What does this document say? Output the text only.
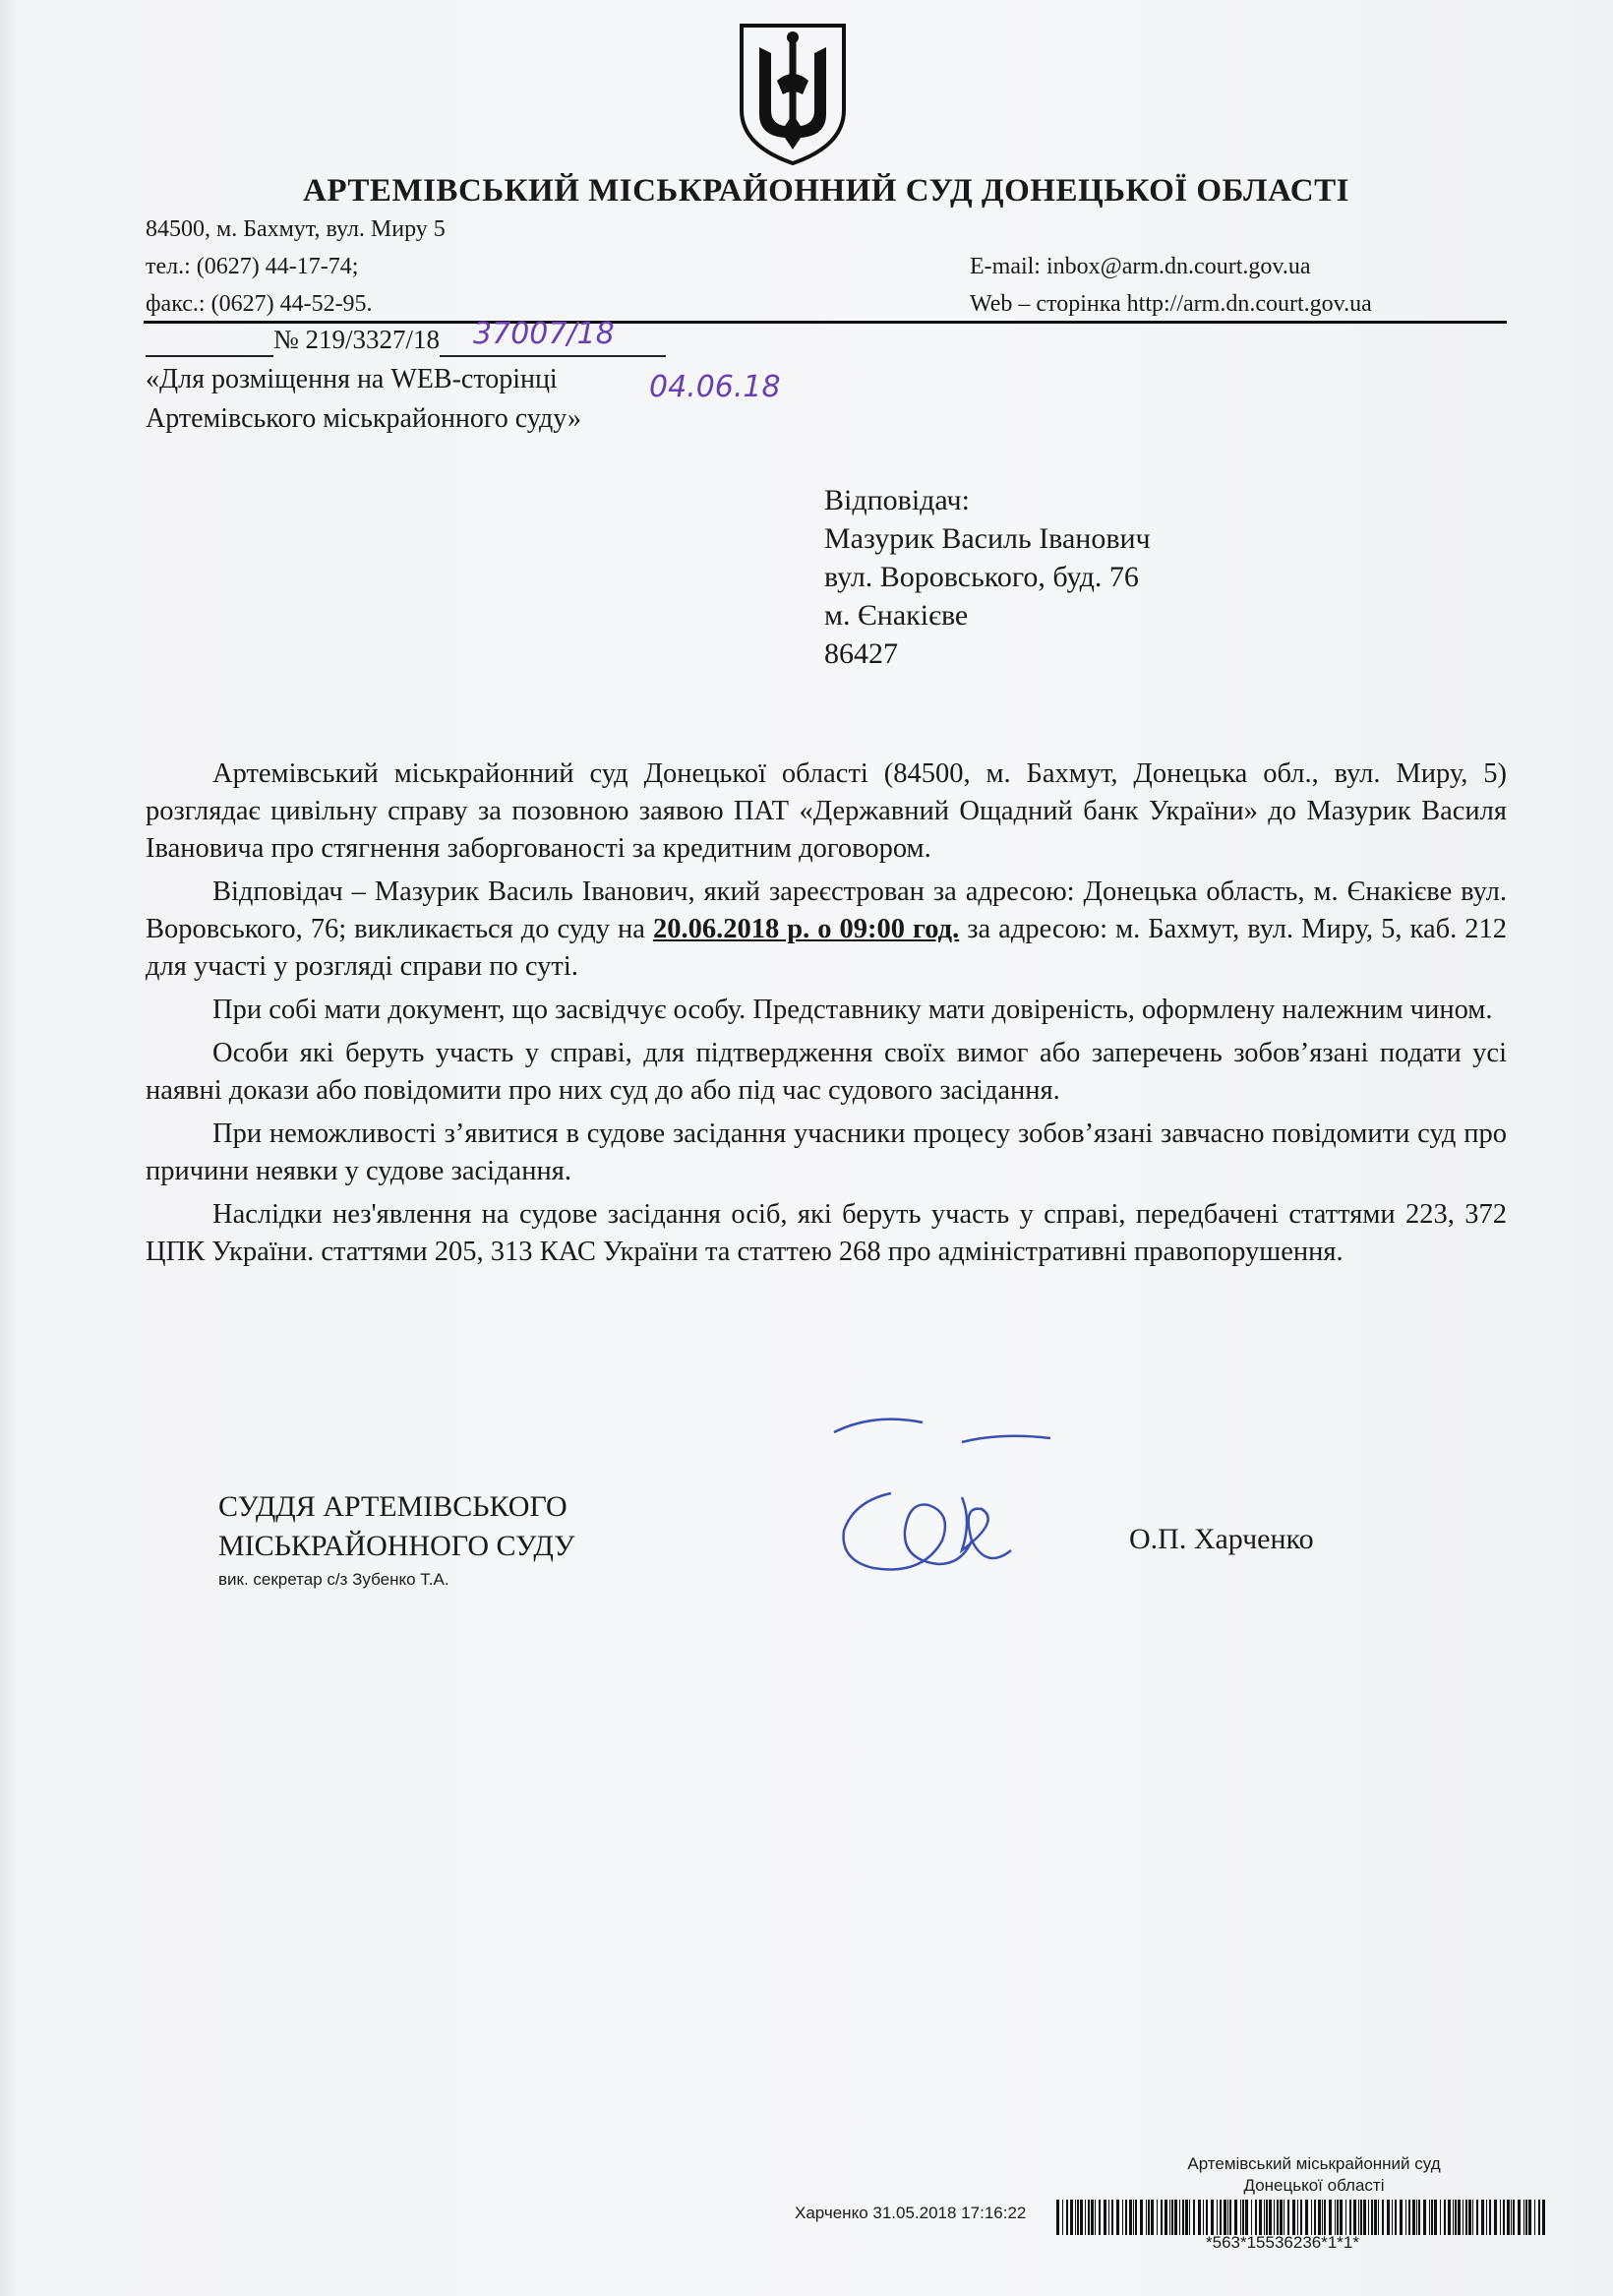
АРТЕМІВСЬКИЙ МІСЬКРАЙОННИЙ СУД ДОНЕЦЬКОЇ ОБЛАСТІ
84500, м. Бахмут, вул. Миру 5
тел.: (0627) 44-17-74;
факс.: (0627) 44-52-95.
E-mail: inbox@arm.dn.court.gov.ua
Web – сторінка http://arm.dn.court.gov.ua
№ 219/3327/18 37007/18

«Для розміщення на WEB-сторінці	04.06.18
Артемівського міськрайонного суду»
Відповідач:
Мазурик Василь Іванович
вул. Воровського, буд. 76
м. Єнакієве
86427

Артемівський міськрайонний суд Донецької області (84500, м. Бахмут, Донецька обл., вул. Миру, 5) розглядає цивільну справу за позовною заявою ПАТ «Державний Ощадний банк України» до Мазурик Василя Івановича про стягнення заборгованості за кредитним договором.

Відповідач – Мазурик Василь Іванович, який зареєстрован за адресою: Донецька область, м. Єнакієве вул. Воровського, 76; викликається до суду на 20.06.2018 р. о 09:00 год. за адресою: м. Бахмут, вул. Миру, 5, каб. 212 для участі у розгляді справи по суті.

При собі мати документ, що засвідчує особу. Представнику мати довіреність, оформлену належним чином.

Особи які беруть участь у справі, для підтвердження своїх вимог або заперечень зобов’язані подати усі наявні докази або повідомити про них суд до або під час судового засідання.

При неможливості з’явитися в судове засідання учасники процесу зобов’язані завчасно повідомити суд про причини неявки у судове засідання.

Наслідки нез'явлення на судове засідання осіб, які беруть участь у справі, передбачені статтями 223, 372 ЦПК України. статтями 205, 313 КАС України та статтею 268 про адміністративні правопорушення.

СУДДЯ АРТЕМІВСЬКОГО
МІСЬКРАЙОННОГО СУДУ
вик. секретар с/з Зубенко Т.А.
О.П. Харченко
Артемівський міськрайонний суд
Донецької області
Харченко 31.05.2018 17:16:22
*563*15536236*1*1*
